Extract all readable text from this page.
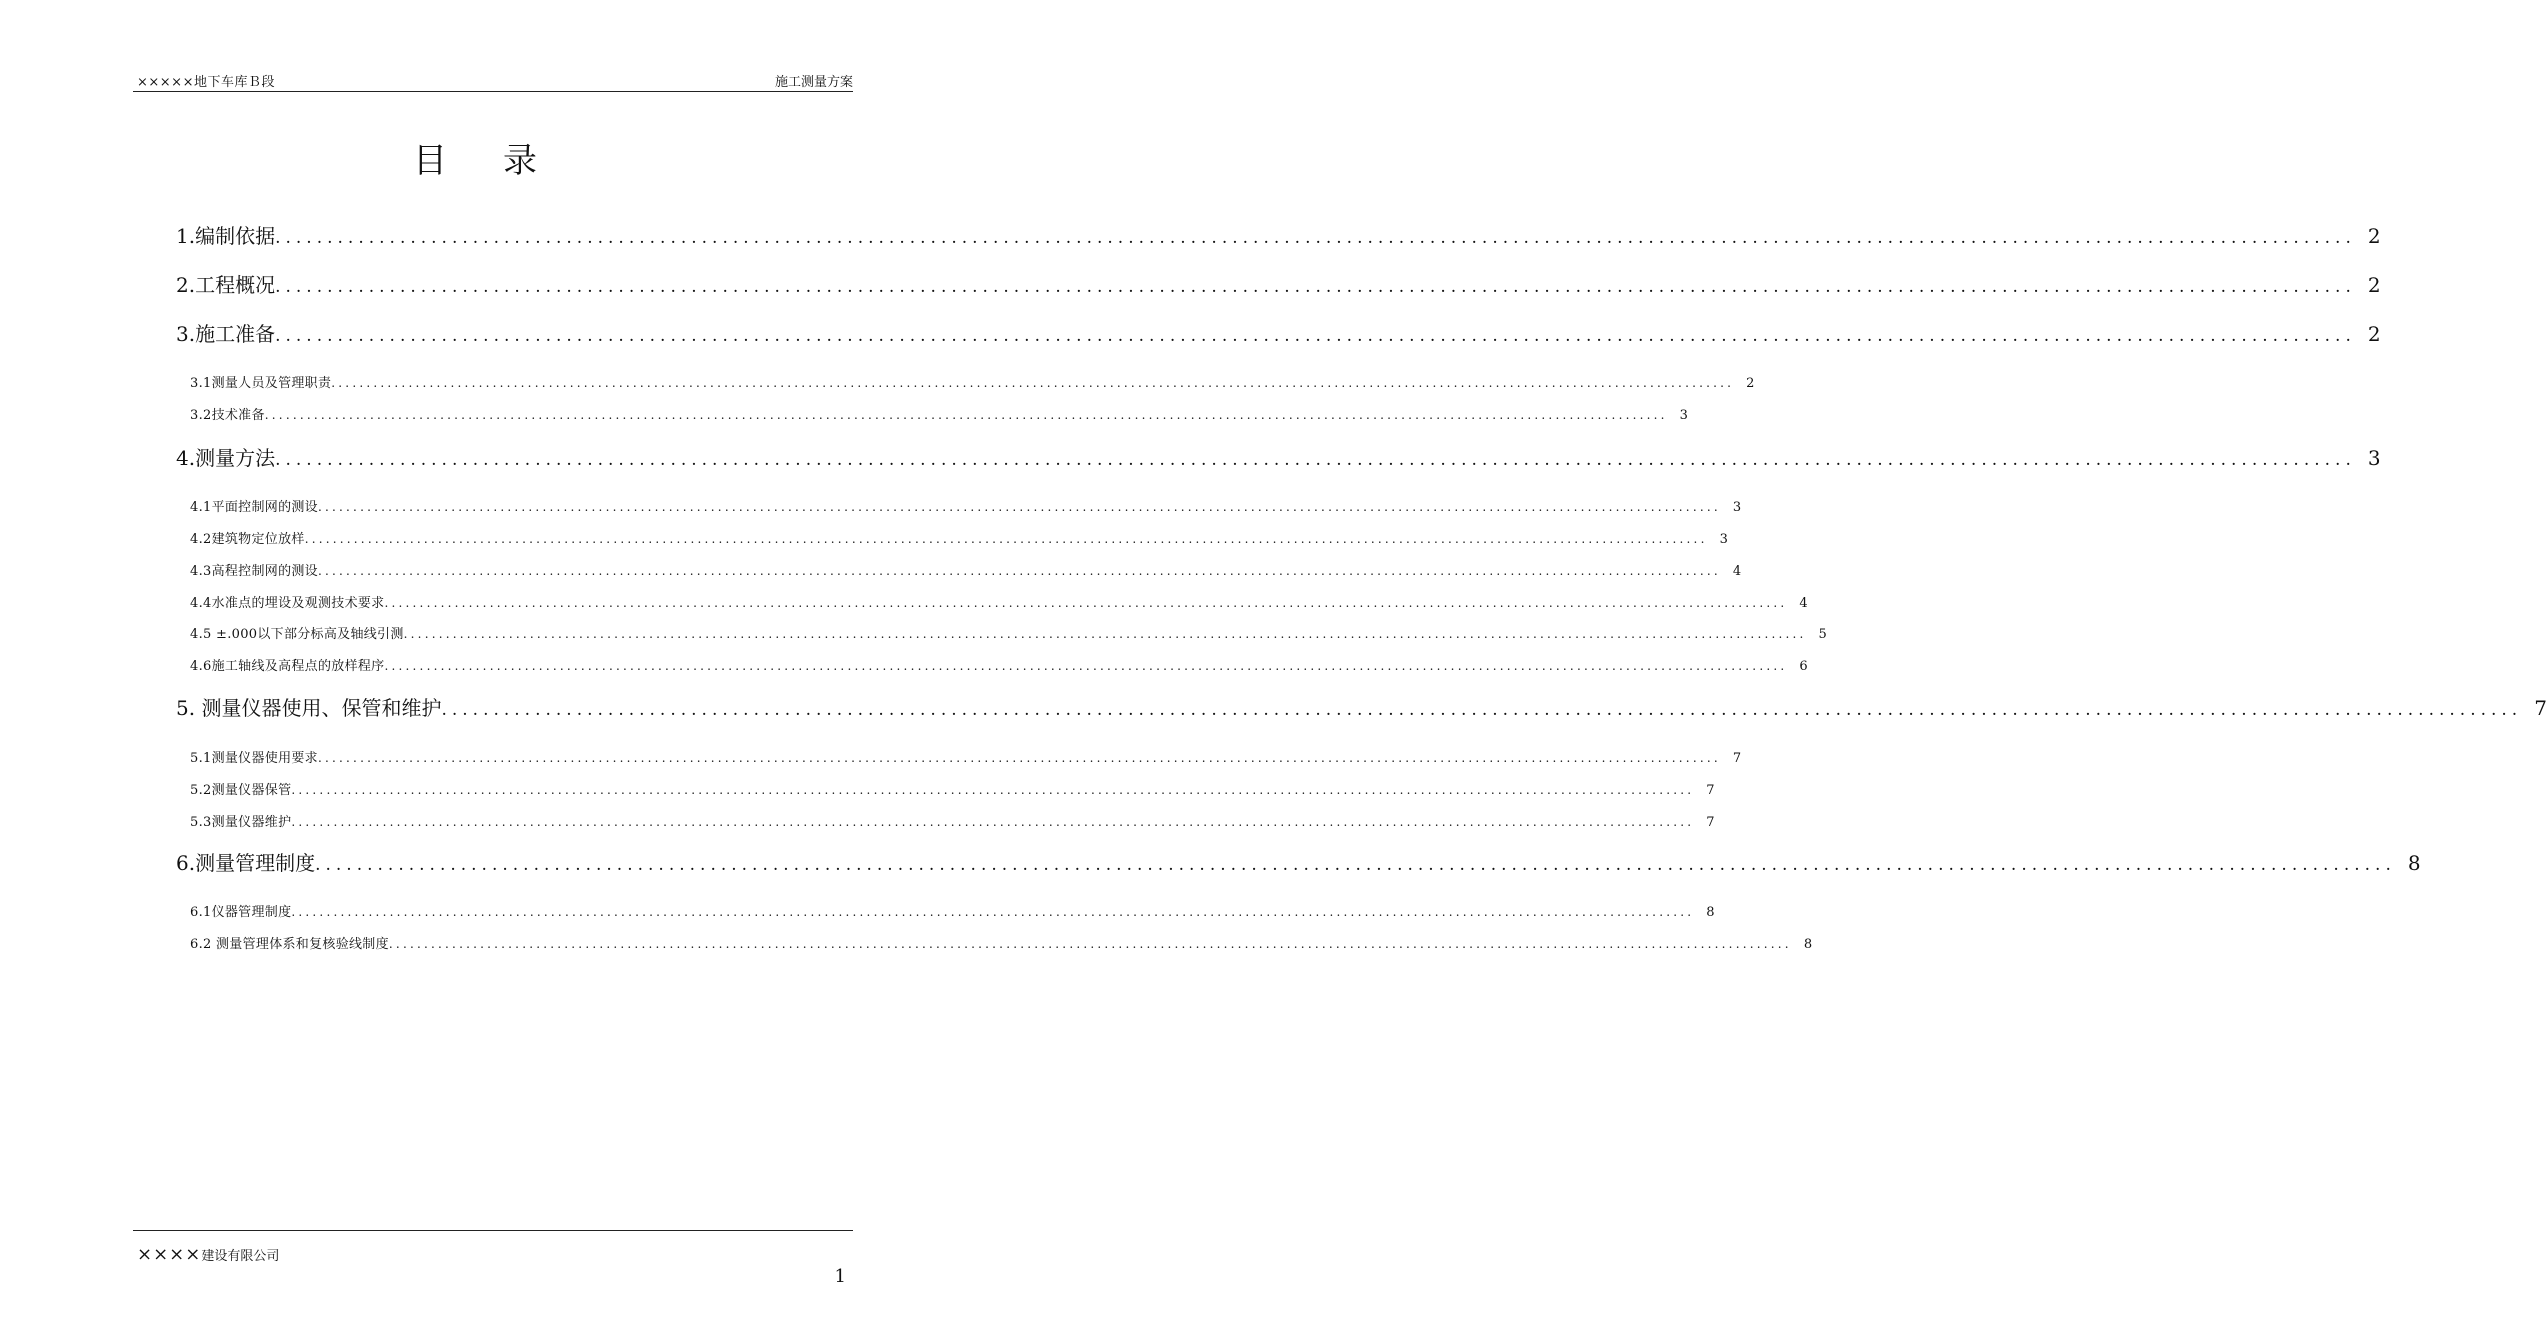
×××××地下车库Ｂ段	施工测量方案
目录
1.编制依据 ........................................................................................................................................................................................................ 2
2.工程概况 ........................................................................................................................................................................................................ 2
3.施工准备 ........................................................................................................................................................................................................ 2
3.1测量人员及管理职责 ........................................................................................................................................................................................................ 2
3.2技术准备 ........................................................................................................................................................................................................ 3
4.测量方法 ........................................................................................................................................................................................................ 3
4.1平面控制网的测设 ........................................................................................................................................................................................................ 3
4.2建筑物定位放样 ........................................................................................................................................................................................................ 3
4.3高程控制网的测设 ........................................................................................................................................................................................................ 4
4.4水准点的埋设及观测技术要求 ........................................................................................................................................................................................................ 4
4.5 ±.000以下部分标高及轴线引测 ........................................................................................................................................................................................................ 5
4.6施工轴线及高程点的放样程序 ........................................................................................................................................................................................................ 6
5. 测量仪器使用、保管和维护 ........................................................................................................................................................................................................ 7
5.1测量仪器使用要求 ........................................................................................................................................................................................................ 7
5.2测量仪器保管 ........................................................................................................................................................................................................ 7
5.3测量仪器维护 ........................................................................................................................................................................................................ 7
6.测量管理制度 ........................................................................................................................................................................................................ 8
6.1仪器管理制度 ........................................................................................................................................................................................................ 8
6.2 测量管理体系和复核验线制度 ........................................................................................................................................................................................................ 8
××××建设有限公司
1
